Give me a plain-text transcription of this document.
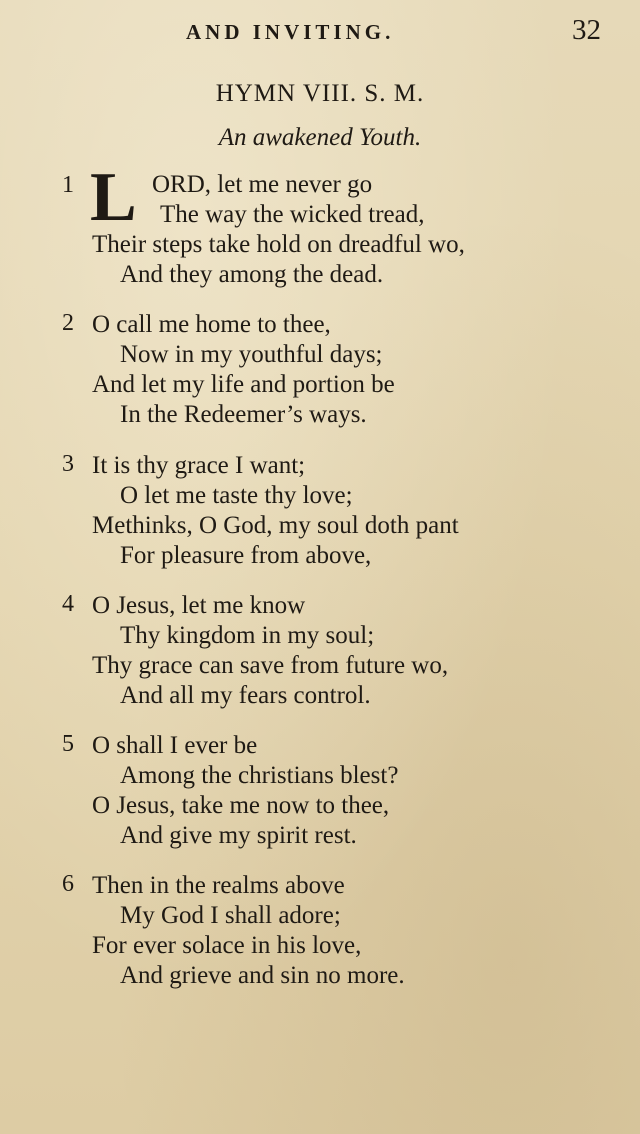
AND INVITING.	32
HYMN VIII. S. M.
An awakened Youth.
1 L ORD, let me never go
The way the wicked tread,
Their steps take hold on dreadful wo,
And they among the dead.
2 O call me home to thee,
Now in my youthful days;
And let my life and portion be
In the Redeemer’s ways.
3 It is thy grace I want;
O let me taste thy love;
Methinks, O God, my soul doth pant
For pleasure from above,
4 O Jesus, let me know
Thy kingdom in my soul;
Thy grace can save from future wo,
And all my fears control.
5 O shall I ever be
Among the christians blest?
O Jesus, take me now to thee,
And give my spirit rest.
6 Then in the realms above
My God I shall adore;
For ever solace in his love,
And grieve and sin no more.
